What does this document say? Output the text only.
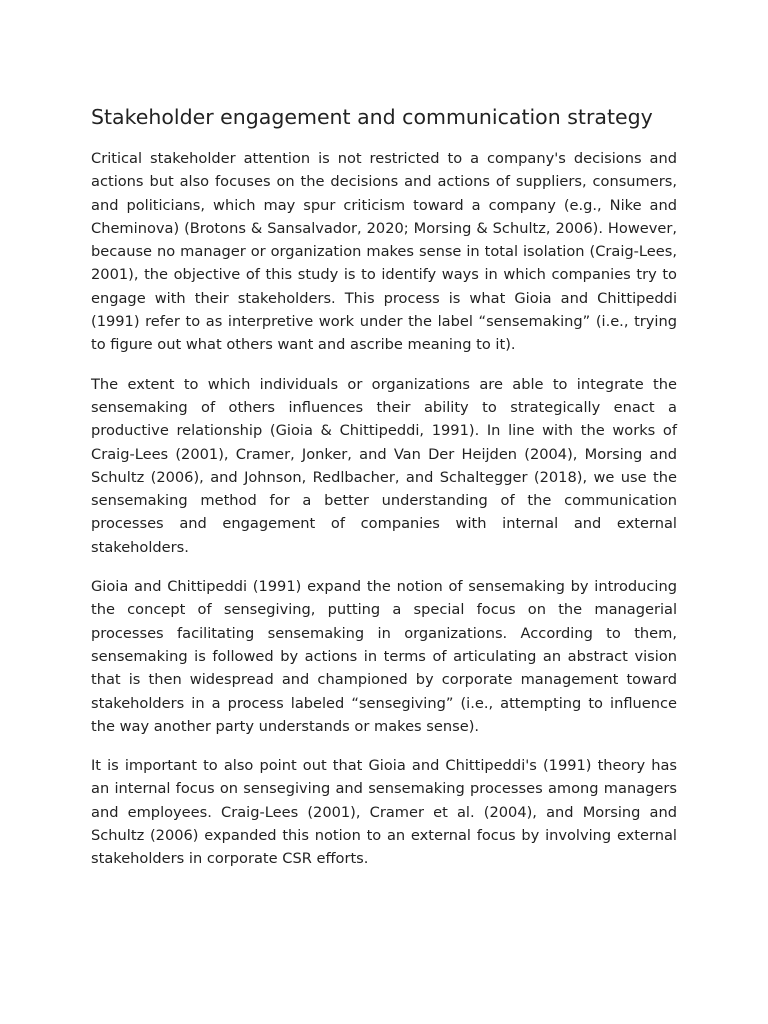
Stakeholder engagement and communication strategy

Critical stakeholder attention is not restricted to a company's decisions and actions but also focuses on the decisions and actions of suppliers, consumers, and politicians, which may spur criticism toward a company (e.g., Nike and Cheminova) (Brotons & Sansalvador, 2020; Morsing & Schultz, 2006). However, because no manager or organization makes sense in total isolation (Craig-Lees, 2001), the objective of this study is to identify ways in which companies try to engage with their stakeholders. This process is what Gioia and Chittipeddi (1991) refer to as interpretive work under the label “sensemaking” (i.e., trying to figure out what others want and ascribe meaning to it).

The extent to which individuals or organizations are able to integrate the sensemaking of others influences their ability to strategically enact a productive relationship (Gioia & Chittipeddi, 1991). In line with the works of Craig-Lees (2001), Cramer, Jonker, and Van Der Heijden (2004), Morsing and Schultz (2006), and Johnson, Redlbacher, and Schaltegger (2018), we use the sensemaking method for a better understanding of the communication processes and engagement of companies with internal and external stakeholders.

Gioia and Chittipeddi (1991) expand the notion of sensemaking by introducing the concept of sensegiving, putting a special focus on the managerial processes facilitating sensemaking in organizations. According to them, sensemaking is followed by actions in terms of articulating an abstract vision that is then widespread and championed by corporate management toward stakeholders in a process labeled “sensegiving” (i.e., attempting to influence the way another party understands or makes sense).

It is important to also point out that Gioia and Chittipeddi's (1991) theory has an internal focus on sensegiving and sensemaking processes among managers and employees. Craig-Lees (2001), Cramer et al. (2004), and Morsing and Schultz (2006) expanded this notion to an external focus by involving external stakeholders in corporate CSR efforts.
